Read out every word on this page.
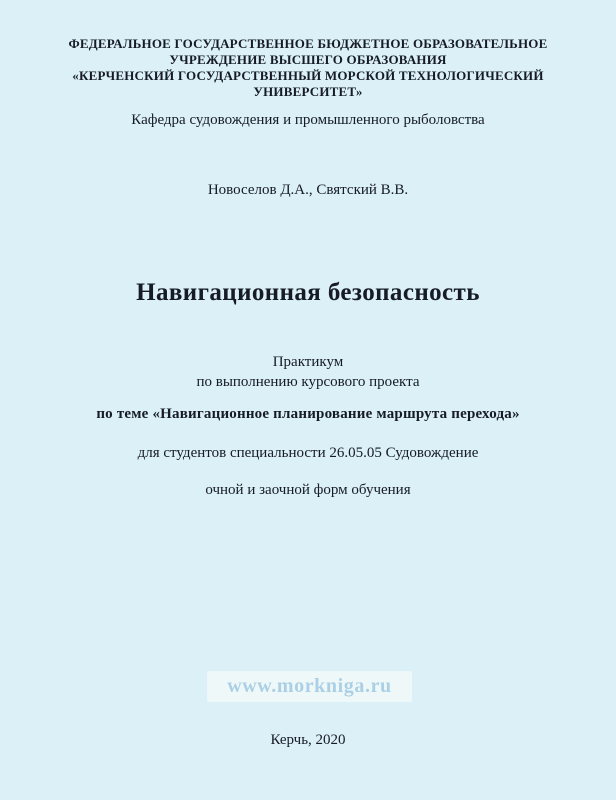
ФЕДЕРАЛЬНОЕ ГОСУДАРСТВЕННОЕ БЮДЖЕТНОЕ ОБРАЗОВАТЕЛЬНОЕ
УЧРЕЖДЕНИЕ ВЫСШЕГО ОБРАЗОВАНИЯ
«КЕРЧЕНСКИЙ ГОСУДАРСТВЕННЫЙ МОРСКОЙ ТЕХНОЛОГИЧЕСКИЙ
УНИВЕРСИТЕТ»
Кафедра судовождения и промышленного рыболовства
Новоселов Д.А., Святский В.В.
Навигационная безопасность
Практикум
по выполнению курсового проекта
по теме «Навигационное планирование маршрута перехода»
для студентов специальности 26.05.05 Судовождение
очной и заочной форм обучения
www.morkniga.ru
Керчь, 2020
